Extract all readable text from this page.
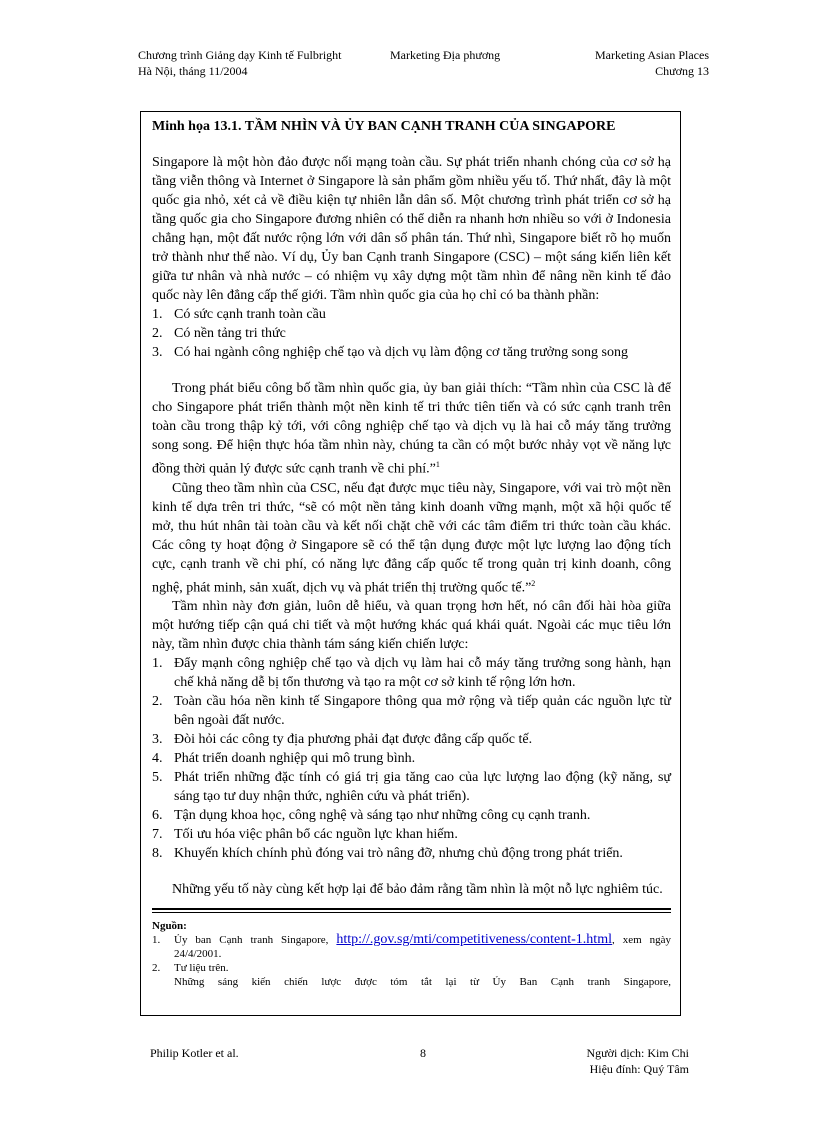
Chương trình Giảng dạy Kinh tế Fulbright
Hà Nội, tháng 11/2004
Marketing Địa phương	Marketing Asian Places
Chương 13
Minh họa 13.1. TẦM NHÌN VÀ ỦY BAN CẠNH TRANH CỦA SINGAPORE

Singapore là một hòn đảo được nối mạng toàn cầu. Sự phát triển nhanh chóng của cơ sở hạ tầng viễn thông và Internet ở Singapore là sản phẩm gồm nhiều yếu tố. Thứ nhất, đây là một quốc gia nhỏ, xét cả về điều kiện tự nhiên lẫn dân số. Một chương trình phát triển cơ sở hạ tầng quốc gia cho Singapore đương nhiên có thể diễn ra nhanh hơn nhiều so với ở Indonesia chẳng hạn, một đất nước rộng lớn với dân số phân tán. Thứ nhì, Singapore biết rõ họ muốn trở thành như thế nào. Ví dụ, Ủy ban Cạnh tranh Singapore (CSC) – một sáng kiến liên kết giữa tư nhân và nhà nước – có nhiệm vụ xây dựng một tầm nhìn để nâng nền kinh tế đảo quốc này lên đẳng cấp thế giới. Tầm nhìn quốc gia của họ chỉ có ba thành phần:

1. Có sức cạnh tranh toàn cầu
2. Có nền tảng tri thức
3. Có hai ngành công nghiệp chế tạo và dịch vụ làm động cơ tăng trưởng song song

Trong phát biểu công bố tầm nhìn quốc gia, ủy ban giải thích: “Tầm nhìn của CSC là để cho Singapore phát triển thành một nền kinh tế tri thức tiên tiến và có sức cạnh tranh trên toàn cầu trong thập kỷ tới, với công nghiệp chế tạo và dịch vụ là hai cỗ máy tăng trưởng song song. Để hiện thực hóa tầm nhìn này, chúng ta cần có một bước nhảy vọt về năng lực đồng thời quản lý được sức cạnh tranh về chi phí.”$^1$

Cũng theo tầm nhìn của CSC, nếu đạt được mục tiêu này, Singapore, với vai trò một nền kinh tế dựa trên tri thức, “sẽ có một nền tảng kinh doanh vững mạnh, một xã hội quốc tế mở, thu hút nhân tài toàn cầu và kết nối chặt chẽ với các tâm điểm tri thức toàn cầu khác. Các công ty hoạt động ở Singapore sẽ có thể tận dụng được một lực lượng lao động tích cực, cạnh tranh về chi phí, có năng lực đẳng cấp quốc tế trong quản trị kinh doanh, công nghệ, phát minh, sản xuất, dịch vụ và phát triển thị trường quốc tế.”$^2$

Tầm nhìn này đơn giản, luôn dễ hiểu, và quan trọng hơn hết, nó cân đối hài hòa giữa một hướng tiếp cận quá chi tiết và một hướng khác quá khái quát. Ngoài các mục tiêu lớn này, tầm nhìn được chia thành tám sáng kiến chiến lược:

1. Đẩy mạnh công nghiệp chế tạo và dịch vụ làm hai cỗ máy tăng trưởng song hành, hạn chế khả năng dễ bị tổn thương và tạo ra một cơ sở kinh tế rộng lớn hơn.
2. Toàn cầu hóa nền kinh tế Singapore thông qua mở rộng và tiếp quản các nguồn lực từ bên ngoài đất nước.
3. Đòi hỏi các công ty địa phương phải đạt được đẳng cấp quốc tế.
4. Phát triển doanh nghiệp qui mô trung bình.
5. Phát triển những đặc tính có giá trị gia tăng cao của lực lượng lao động (kỹ năng, sự sáng tạo tư duy nhận thức, nghiên cứu và phát triển).
6. Tận dụng khoa học, công nghệ và sáng tạo như những công cụ cạnh tranh.
7. Tối ưu hóa việc phân bổ các nguồn lực khan hiếm.
8. Khuyến khích chính phủ đóng vai trò nâng đỡ, nhưng chủ động trong phát triển.

Những yếu tố này cùng kết hợp lại để bảo đảm rằng tầm nhìn là một nỗ lực nghiêm túc.

Nguồn:
1. Ủy ban Cạnh tranh Singapore, http://.gov.sg/mti/competitiveness/content-1.html, xem ngày 24/4/2001.
2. Tư liệu trên.
Những sáng kiến chiến lược được tóm tắt lại từ Ủy Ban Cạnh tranh Singapore,
Philip Kotler et al.	8	Người dịch: Kim Chi
Hiệu đính: Quý Tâm
